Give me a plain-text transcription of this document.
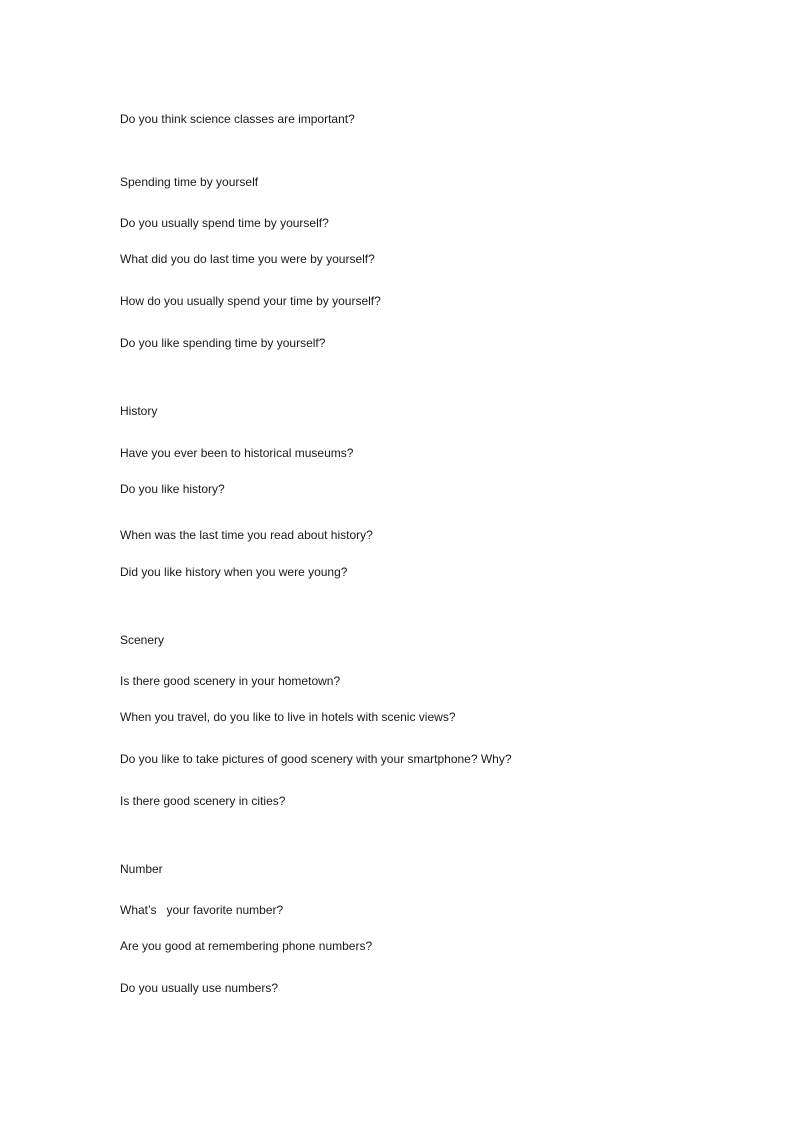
Do you think science classes are important?
Spending time by yourself
Do you usually spend time by yourself?
What did you do last time you were by yourself?
How do you usually spend your time by yourself?
Do you like spending time by yourself?
History
Have you ever been to historical museums?
Do you like history?
When was the last time you read about history?
Did you like history when you were young?
Scenery
Is there good scenery in your hometown?
When you travel, do you like to live in hotels with scenic views?
Do you like to take pictures of good scenery with your smartphone? Why?
Is there good scenery in cities?
Number
What’s   your favorite number?
Are you good at remembering phone numbers?
Do you usually use numbers?
